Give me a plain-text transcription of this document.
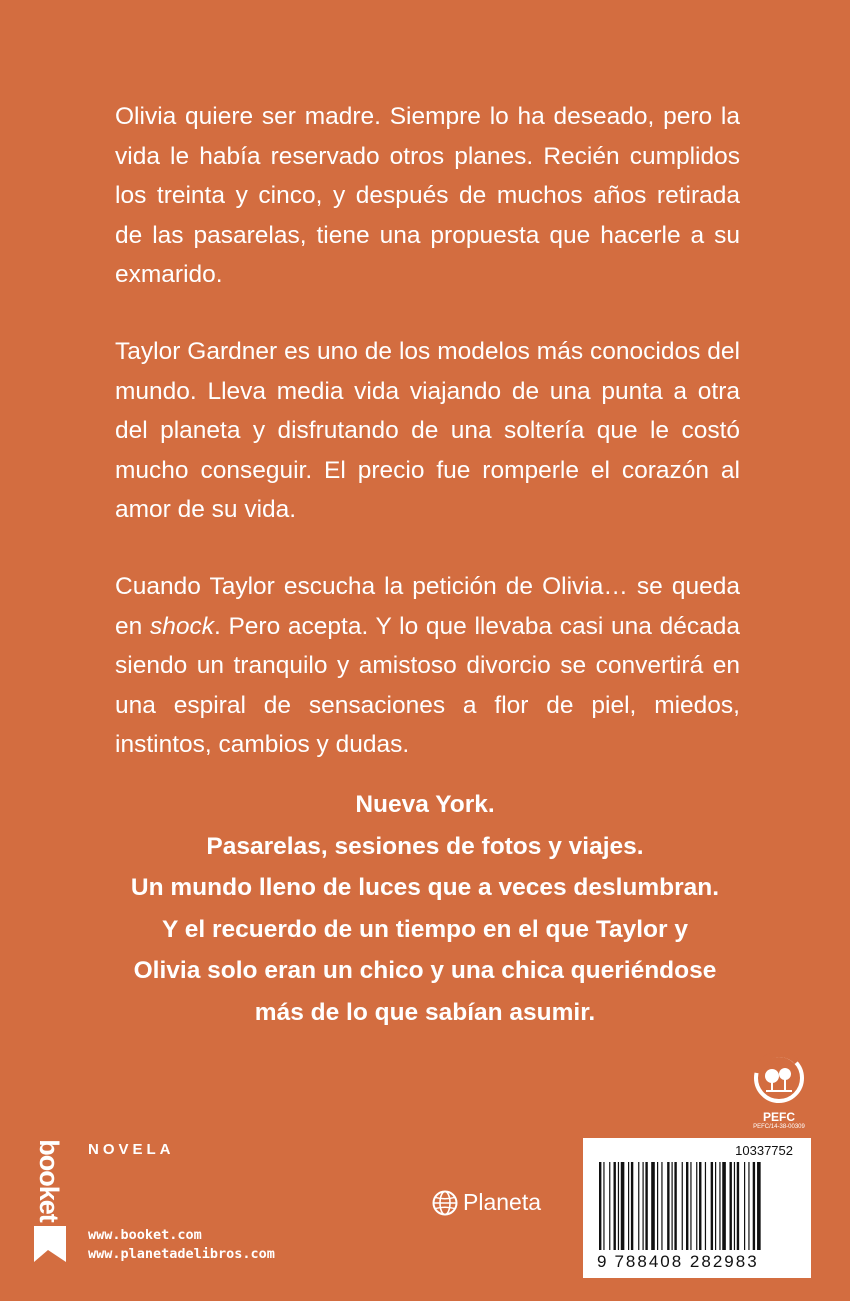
Olivia quiere ser madre. Siempre lo ha deseado, pero la vida le había reservado otros planes. Recién cumplidos los treinta y cinco, y después de muchos años retirada de las pasarelas, tiene una propuesta que hacerle a su exmarido.
Taylor Gardner es uno de los modelos más conocidos del mundo. Lleva media vida viajando de una punta a otra del planeta y disfrutando de una soltería que le costó mucho conseguir. El precio fue romperle el corazón al amor de su vida.
Cuando Taylor escucha la petición de Olivia… se queda en shock. Pero acepta. Y lo que llevaba casi una década siendo un tranquilo y amistoso divorcio se convertirá en una espiral de sensaciones a flor de piel, miedos, instintos, cambios y dudas.
Nueva York.
Pasarelas, sesiones de fotos y viajes.
Un mundo lleno de luces que a veces deslumbran.
Y el recuerdo de un tiempo en el que Taylor y
Olivia solo eran un chico y una chica queriéndose
más de lo que sabían asumir.
PEFC
PEFC/14-38-00309
booket NOVELA
www.booket.com
www.planetadelibros.com
Planeta
10337752
9 788408 282983
